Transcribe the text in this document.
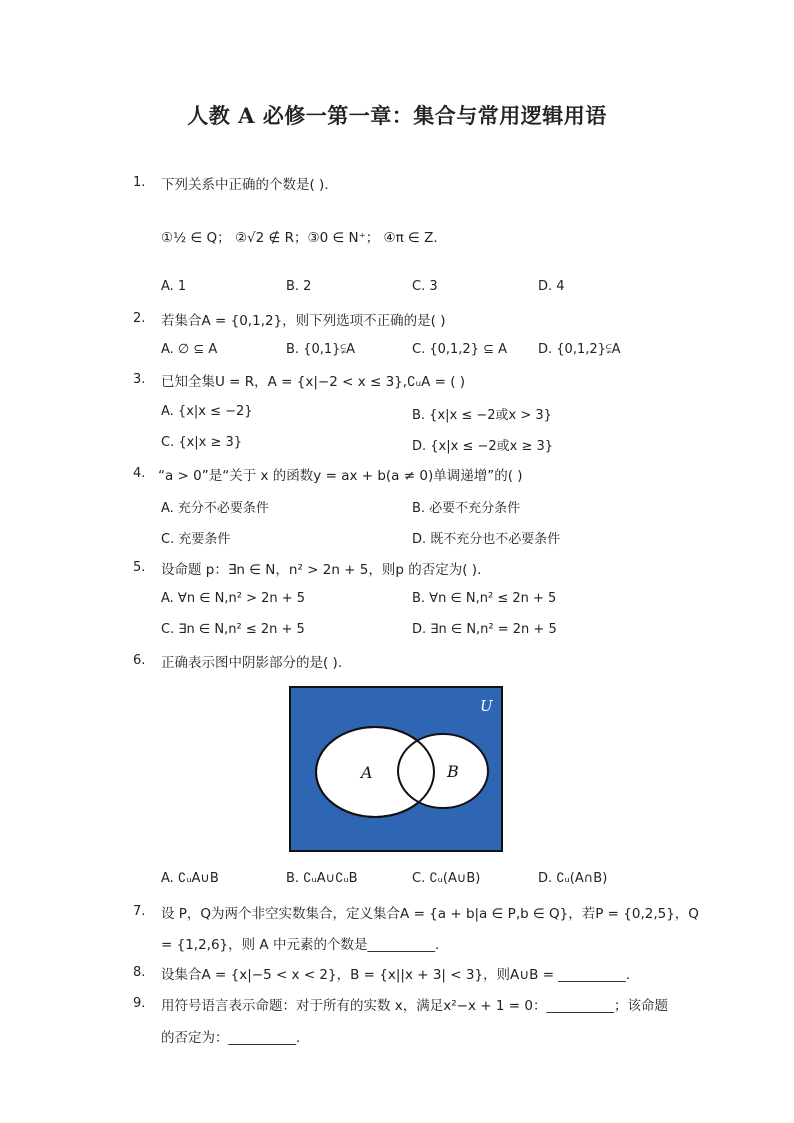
人教 A 必修一第一章：集合与常用逻辑用语
1. 下列关系中正确的个数是( ).
①½ ∈ Q； ②√2 ∉ R；③0 ∈ N⁺； ④π ∈ Z.
A. 1	B. 2	C. 3	D. 4
2. 若集合A = {0,1,2}，则下列选项不正确的是( )
A. ∅ ⊆ A	B. {0,1}⫋A	C. {0,1,2} ⊆ A D. {0,1,2}⫋A
3. 已知全集U = R，A = {x|−2 < x ≤ 3},∁ᵤA = ( )
A. {x|x ≤ −2}	B. {x|x ≤ −2或x > 3}
C. {x|x ≥ 3}	D. {x|x ≤ −2或x ≥ 3}
4. “a > 0”是“关于 x 的函数y = ax + b(a ≠ 0)单调递增”的( )
A. 充分不必要条件	B. 必要不充分条件
C. 充要条件	D. 既不充分也不必要条件
5. 设命题 p：∃n ∈ N，n² > 2n + 5，则p 的否定为( ).
A. ∀n ∈ N,n² > 2n + 5	B. ∀n ∈ N,n² ≤ 2n + 5
C. ∃n ∈ N,n² ≤ 2n + 5	D. ∃n ∈ N,n² = 2n + 5
6. 正确表示图中阴影部分的是( ).
U
A	B
A. ∁ᵤA∪B	B. ∁ᵤA∪∁ᵤB	C. ∁ᵤ(A∪B)	D. ∁ᵤ(A∩B)
7. 设 P，Q为两个非空实数集合，定义集合A = {a + b|a ∈ P,b ∈ Q}，若P = {0,2,5}，Q
= {1,2,6}，则 A 中元素的个数是__________.
8. 设集合A = {x|−5 < x < 2}，B = {x||x + 3| < 3}，则A∪B = __________.
9. 用符号语言表示命题：对于所有的实数 x，满足x²−x + 1 = 0：__________；该命题
的否定为：__________.
